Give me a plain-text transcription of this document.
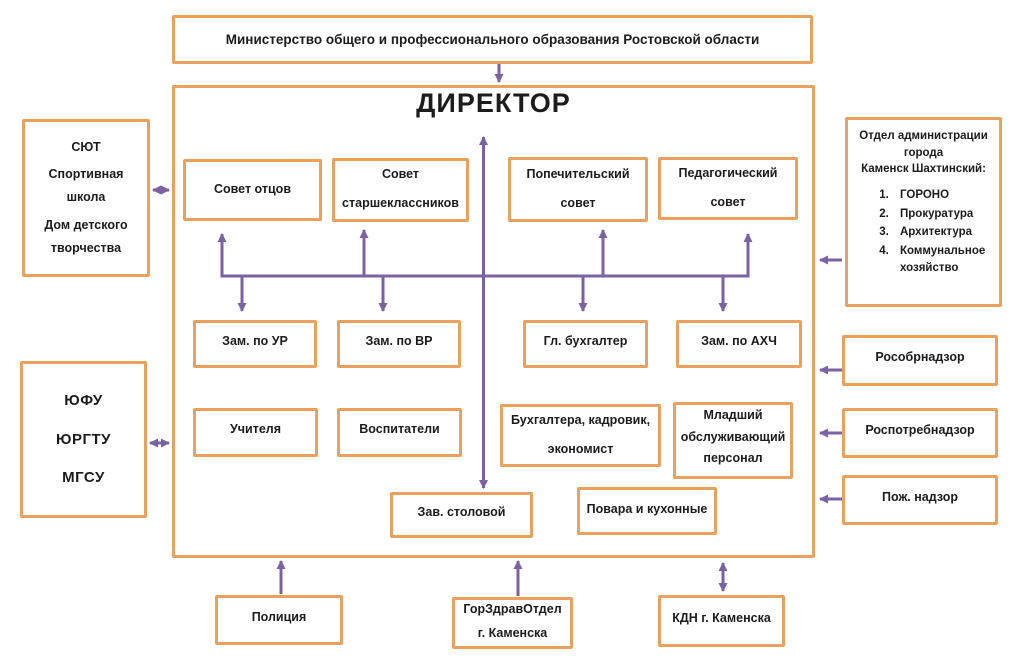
Министерство общего и профессионального образования Ростовской области
ДИРЕКТОР
Совет отцов
Совет старшеклассников
Попечительский совет
Педагогический совет
Зам. по УР	Зам. по ВР	Гл. бухгалтер	Зам. по АХЧ
Учителя	Воспитатели
Бухгалтера, кадровик, экономист
Младший обслуживающий персонал
Зав. столовой	Повара и кухонные
СЮТ
Спортивная школа
Дом детского творчества
ЮФУ
ЮРГТУ
МГСУ
Отдел администрации
города
Каменск Шахтинский:
1. ГОРОНО
2. Прокуратура
3. Архитектура
4. Коммунальное хозяйство
Рособрнадзор
Роспотребнадзор
Пож. надзор
Полиция
ГорЗдравОтдел г. Каменска
КДН г. Каменска
